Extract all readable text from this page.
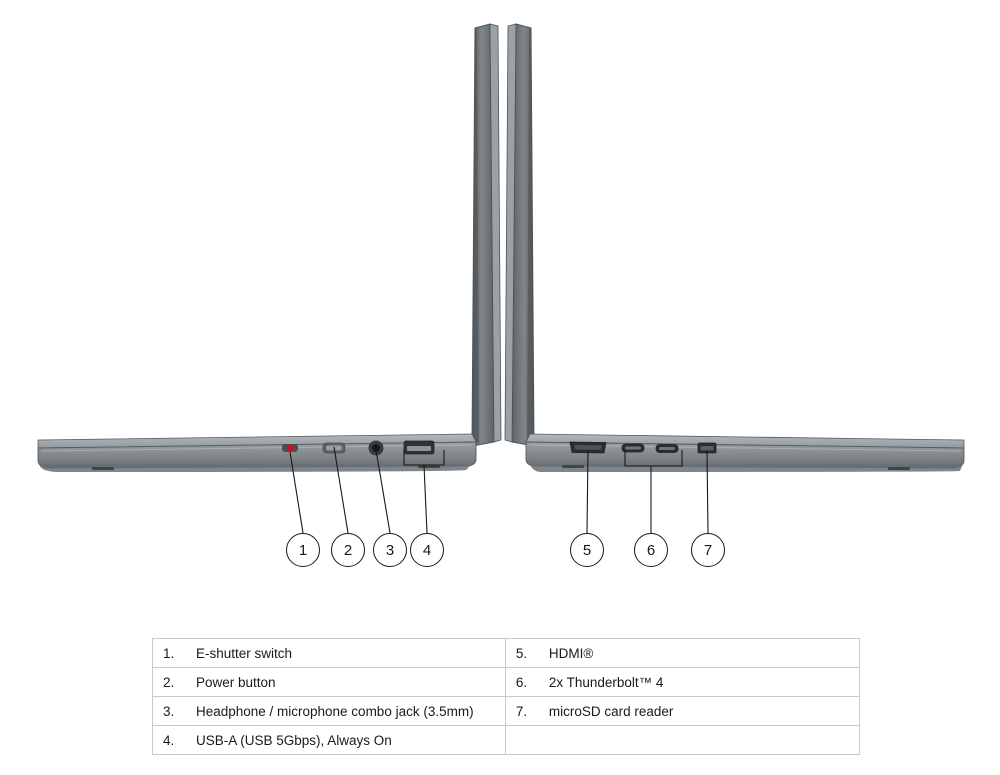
1 2 3 4	5	6	7
1.	E-shutter switch	5.	HDMI®
2.	Power button	6.	2x Thunderbolt™ 4
3.	Headphone / microphone combo jack (3.5mm)	7.	microSD card reader
4.	USB-A (USB 5Gbps), Always On		
